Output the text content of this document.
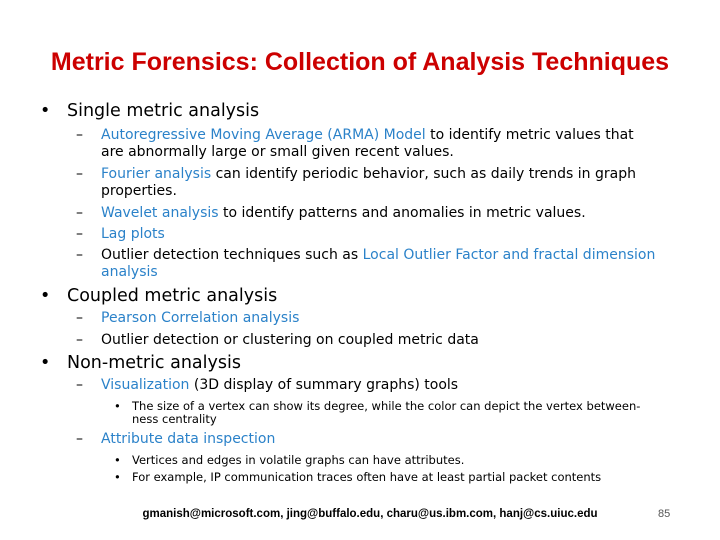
Metric Forensics: Collection of Analysis Techniques
• Single metric analysis
– Autoregressive Moving Average (ARMA) Model to identify metric values that
are abnormally large or small given recent values.
– Fourier analysis can identify periodic behavior, such as daily trends in graph
properties.
– Wavelet analysis to identify patterns and anomalies in metric values.
– Lag plots
– Outlier detection techniques such as Local Outlier Factor and fractal dimension
analysis
• Coupled metric analysis
– Pearson Correlation analysis
– Outlier detection or clustering on coupled metric data
• Non-metric analysis
– Visualization (3D display of summary graphs) tools
• The size of a vertex can show its degree, while the color can depict the vertex between-
ness centrality
– Attribute data inspection
• Vertices and edges in volatile graphs can have attributes.
• For example, IP communication traces often have at least partial packet contents
gmanish@microsoft.com, jing@buffalo.edu, charu@us.ibm.com, hanj@cs.uiuc.edu	85
